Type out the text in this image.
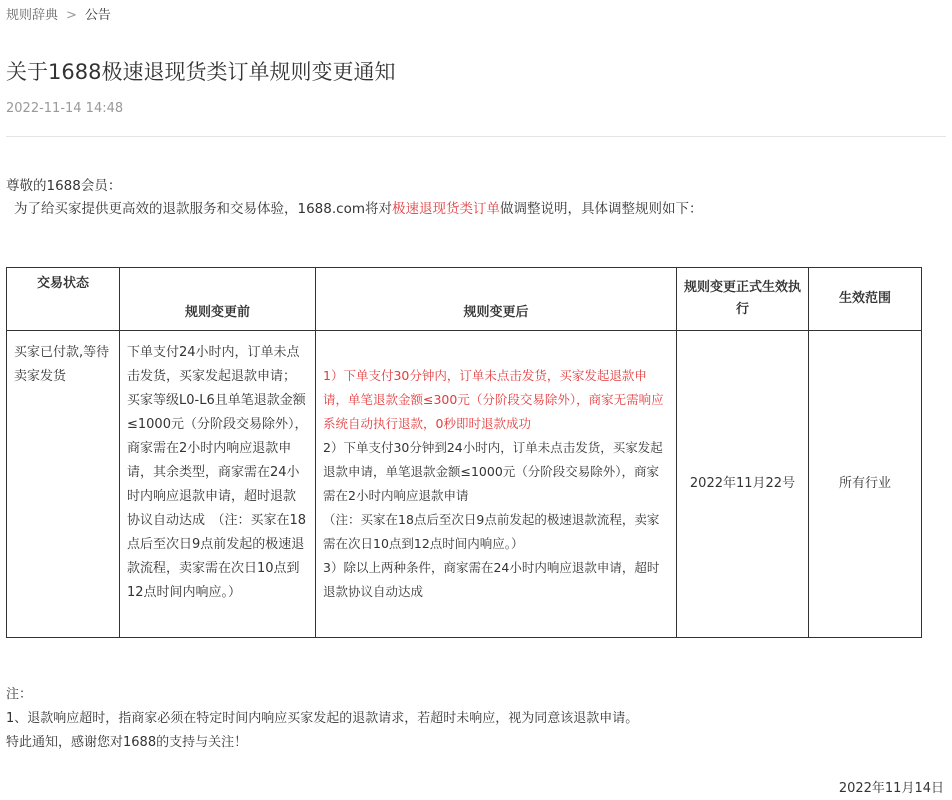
规则辞典 > 公告
关于1688极速退现货类订单规则变更通知
2022-11-14 14:48
尊敬的1688会员：
为了给买家提供更高效的退款服务和交易体验，1688.com将对极速退现货类订单做调整说明，具体调整规则如下：
交易状态	规则变更前	规则变更后	规则变更正式生效执行	生效范围
买家已付款,等待卖家发货	下单支付24小时内，订单未点击发货，买家发起退款申请；买家等级L0-L6且单笔退款金额≤1000元（分阶段交易除外），商家需在2小时内响应退款申请，其余类型，商家需在24小时内响应退款申请，超时退款协议自动达成　（注：买家在18点后至次日9点前发起的极速退款流程，卖家需在次日10点到12点时间内响应。）	1）下单支付30分钟内，订单未点击发货，买家发起退款申请，单笔退款金额≤300元（分阶段交易除外），商家无需响应系统自动执行退款，0秒即时退款成功
2）下单支付30分钟到24小时内，订单未点击发货，买家发起退款申请，单笔退款金额≤1000元（分阶段交易除外），商家需在2小时内响应退款申请
（注：买家在18点后至次日9点前发起的极速退款流程，卖家需在次日10点到12点时间内响应。）
3）除以上两种条件，商家需在24小时内响应退款申请，超时退款协议自动达成	2022年11月22号	所有行业
注：
1、退款响应超时，指商家必须在特定时间内响应买家发起的退款请求，若超时未响应，视为同意该退款申请。
特此通知，感谢您对1688的支持与关注！
2022年11月14日
